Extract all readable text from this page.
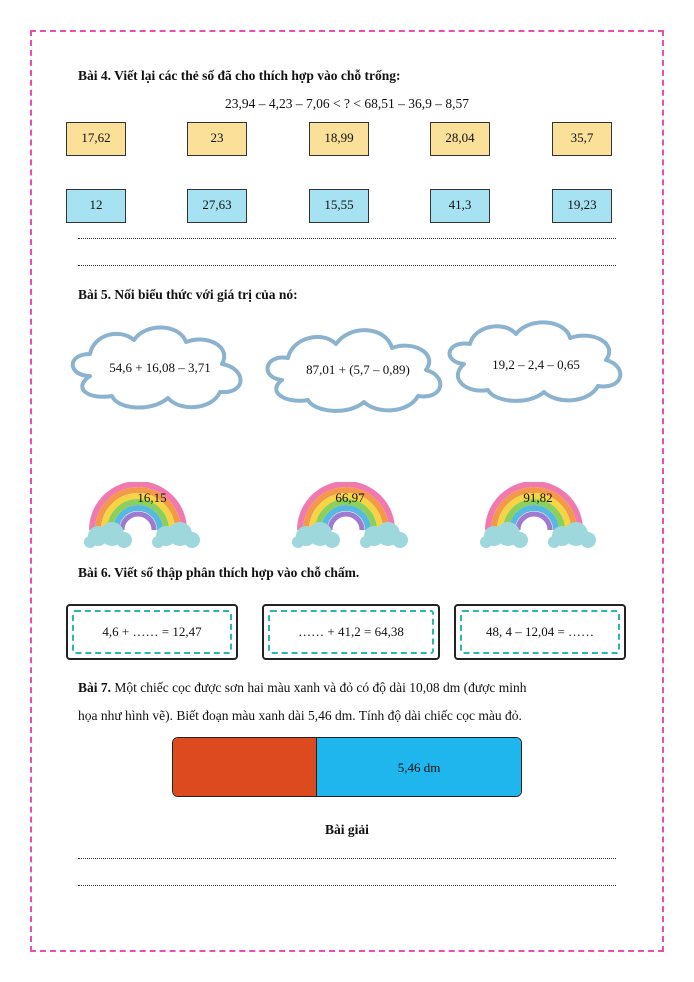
Bài 4. Viết lại các thẻ số đã cho thích hợp vào chỗ trống:
23,94 – 4,23 – 7,06 < ? < 68,51 – 36,9 – 8,57
17,62	23	18,99	28,04	35,7
12	27,63	15,55	41,3	19,23
Bài 5. Nối biểu thức với giá trị của nó:
54,6 + 16,08 – 3,71	87,01 + (5,7 – 0,89)	19,2 – 2,4 – 0,65
16,15	66,97	91,82
Bài 6. Viết số thập phân thích hợp vào chỗ chấm.
4,6 + …… = 12,47	…… + 41,2 = 64,38	48, 4 – 12,04 = ……
Bài 7. Một chiếc cọc được sơn hai màu xanh và đỏ có độ dài 10,08 dm (được minh
họa như hình vẽ). Biết đoạn màu xanh dài 5,46 dm. Tính độ dài chiếc cọc màu đỏ.
5,46 dm
Bài giải
